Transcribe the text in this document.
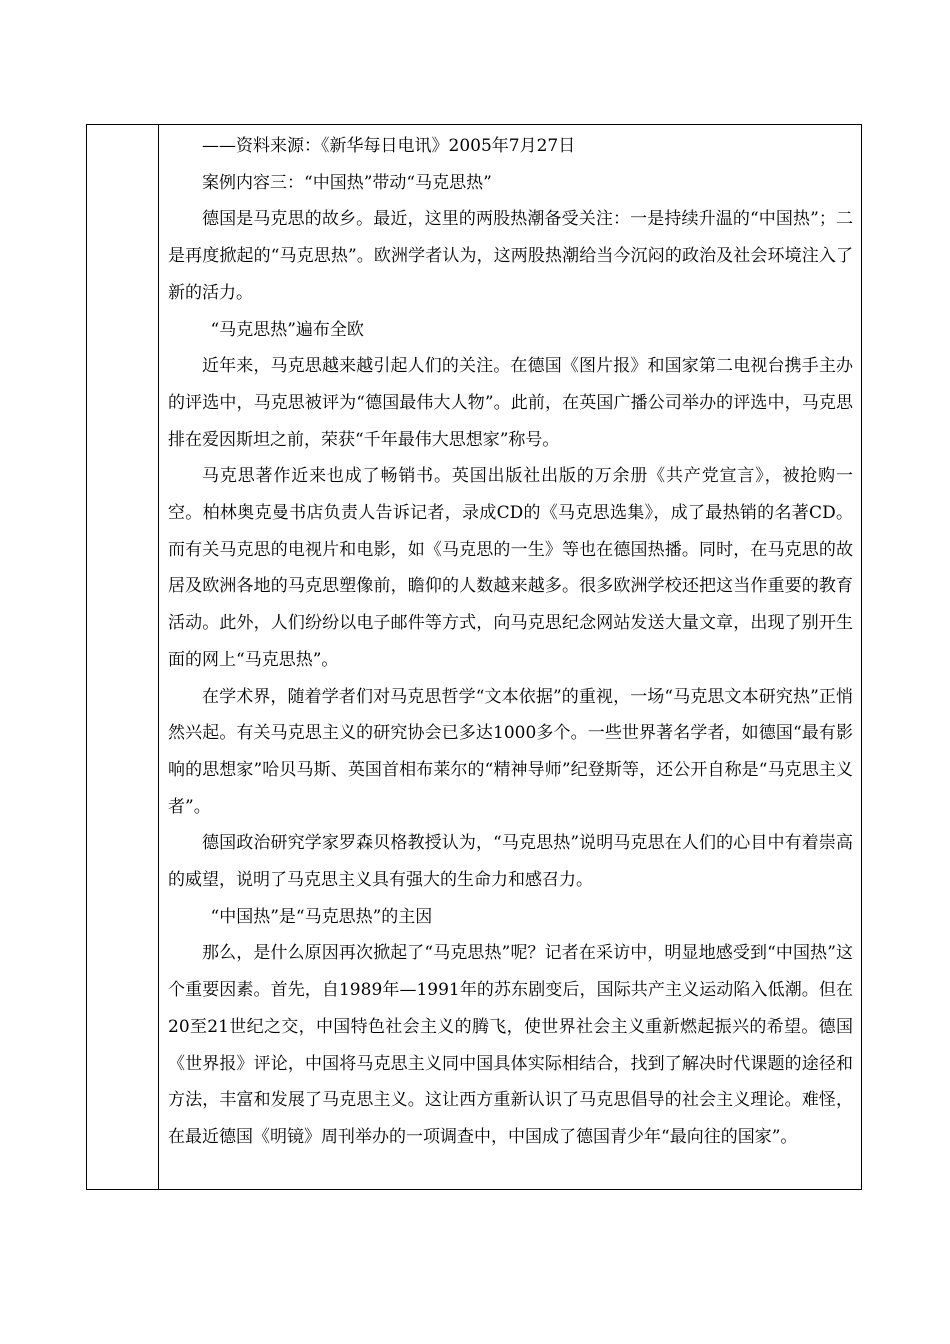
——资料来源：《新华每日电讯》2005年7月27日

案例内容三：“中国热”带动“马克思热”

德国是马克思的故乡。最近，这里的两股热潮备受关注：一是持续升温的“中国热”；二是再度掀起的“马克思热”。欧洲学者认为，这两股热潮给当今沉闷的政治及社会环境注入了新的活力。

“马克思热”遍布全欧

近年来，马克思越来越引起人们的关注。在德国《图片报》和国家第二电视台携手主办的评选中，马克思被评为“德国最伟大人物”。此前，在英国广播公司举办的评选中，马克思排在爱因斯坦之前，荣获“千年最伟大思想家”称号。

马克思著作近来也成了畅销书。英国出版社出版的万余册《共产党宣言》，被抢购一空。柏林奥克曼书店负责人告诉记者，录成CD的《马克思选集》，成了最热销的名著CD。而有关马克思的电视片和电影，如《马克思的一生》等也在德国热播。同时，在马克思的故居及欧洲各地的马克思塑像前，瞻仰的人数越来越多。很多欧洲学校还把这当作重要的教育活动。此外，人们纷纷以电子邮件等方式，向马克思纪念网站发送大量文章，出现了别开生面的网上“马克思热”。

在学术界，随着学者们对马克思哲学“文本依据”的重视，一场“马克思文本研究热”正悄然兴起。有关马克思主义的研究协会已多达1000多个。一些世界著名学者，如德国“最有影响的思想家”哈贝马斯、英国首相布莱尔的“精神导师”纪登斯等，还公开自称是“马克思主义者”。

德国政治研究学家罗森贝格教授认为，“马克思热”说明马克思在人们的心目中有着崇高的威望，说明了马克思主义具有强大的生命力和感召力。

“中国热”是“马克思热”的主因

那么，是什么原因再次掀起了“马克思热”呢？记者在采访中，明显地感受到“中国热”这个重要因素。首先，自1989年—1991年的苏东剧变后，国际共产主义运动陷入低潮。但在20至21世纪之交，中国特色社会主义的腾飞，使世界社会主义重新燃起振兴的希望。德国《世界报》评论，中国将马克思主义同中国具体实际相结合，找到了解决时代课题的途径和方法，丰富和发展了马克思主义。这让西方重新认识了马克思倡导的社会主义理论。难怪，在最近德国《明镜》周刊举办的一项调查中，中国成了德国青少年“最向往的国家”。
